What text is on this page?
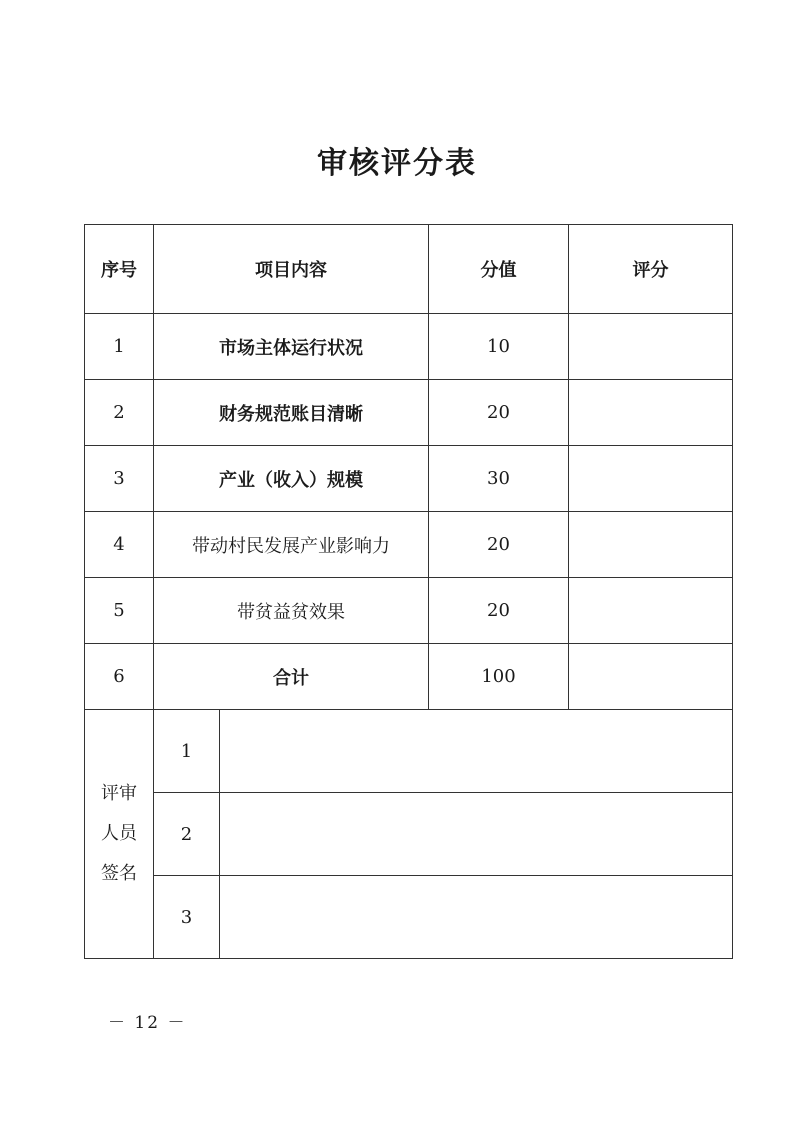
审核评分表
序号	项目内容		分值	评分
1	市场主体运行状况		10	
2	财务规范账目清晰		20	
3	产业（收入）规模		30	
4	带动村民发展产业影响力		20	
5	带贫益贫效果		20	
6	合计		100	

评审
人员
签名	1			
	2			
	3			
－ 12 －
